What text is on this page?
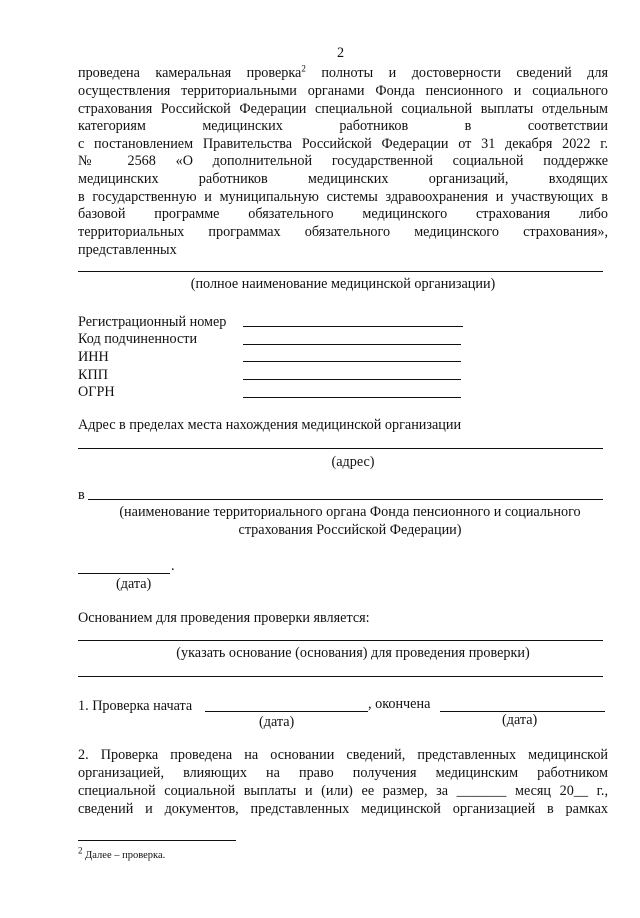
2
проведена камеральная проверка$^2$ полноты и достоверности сведений для
осуществления территориальными органами Фонда пенсионного и социального
страхования Российской Федерации специальной социальной выплаты отдельным
категориям медицинских работников в соответствии
с постановлением Правительства Российской Федерации от 31 декабря 2022 г.
№ 2568 «О дополнительной государственной социальной поддержке
медицинских работников медицинских организаций, входящих
в государственную и муниципальную системы здравоохранения и участвующих в
базовой программе обязательного медицинского страхования либо
территориальных программах обязательного медицинского страхования»,
представленных
(полное наименование медицинской организации)
Регистрационный номер
Код подчиненности
ИНН
КПП
ОГРН
Адрес в пределах места нахождения медицинской организации
(адрес)
в
(наименование территориального органа Фонда пенсионного и социального
страхования Российской Федерации)
.
(дата)
Основанием для проведения проверки является:
(указать основание (основания) для проведения проверки)
1. Проверка начата	, окончена
(дата)	(дата)
2. Проверка проведена на основании сведений, представленных медицинской
организацией, влияющих на право получения медицинским работником
специальной социальной выплаты и (или) ее размер, за _______ месяц 20__ г.,
сведений и документов, представленных медицинской организацией в рамках
$^2$ Далее – проверка.
